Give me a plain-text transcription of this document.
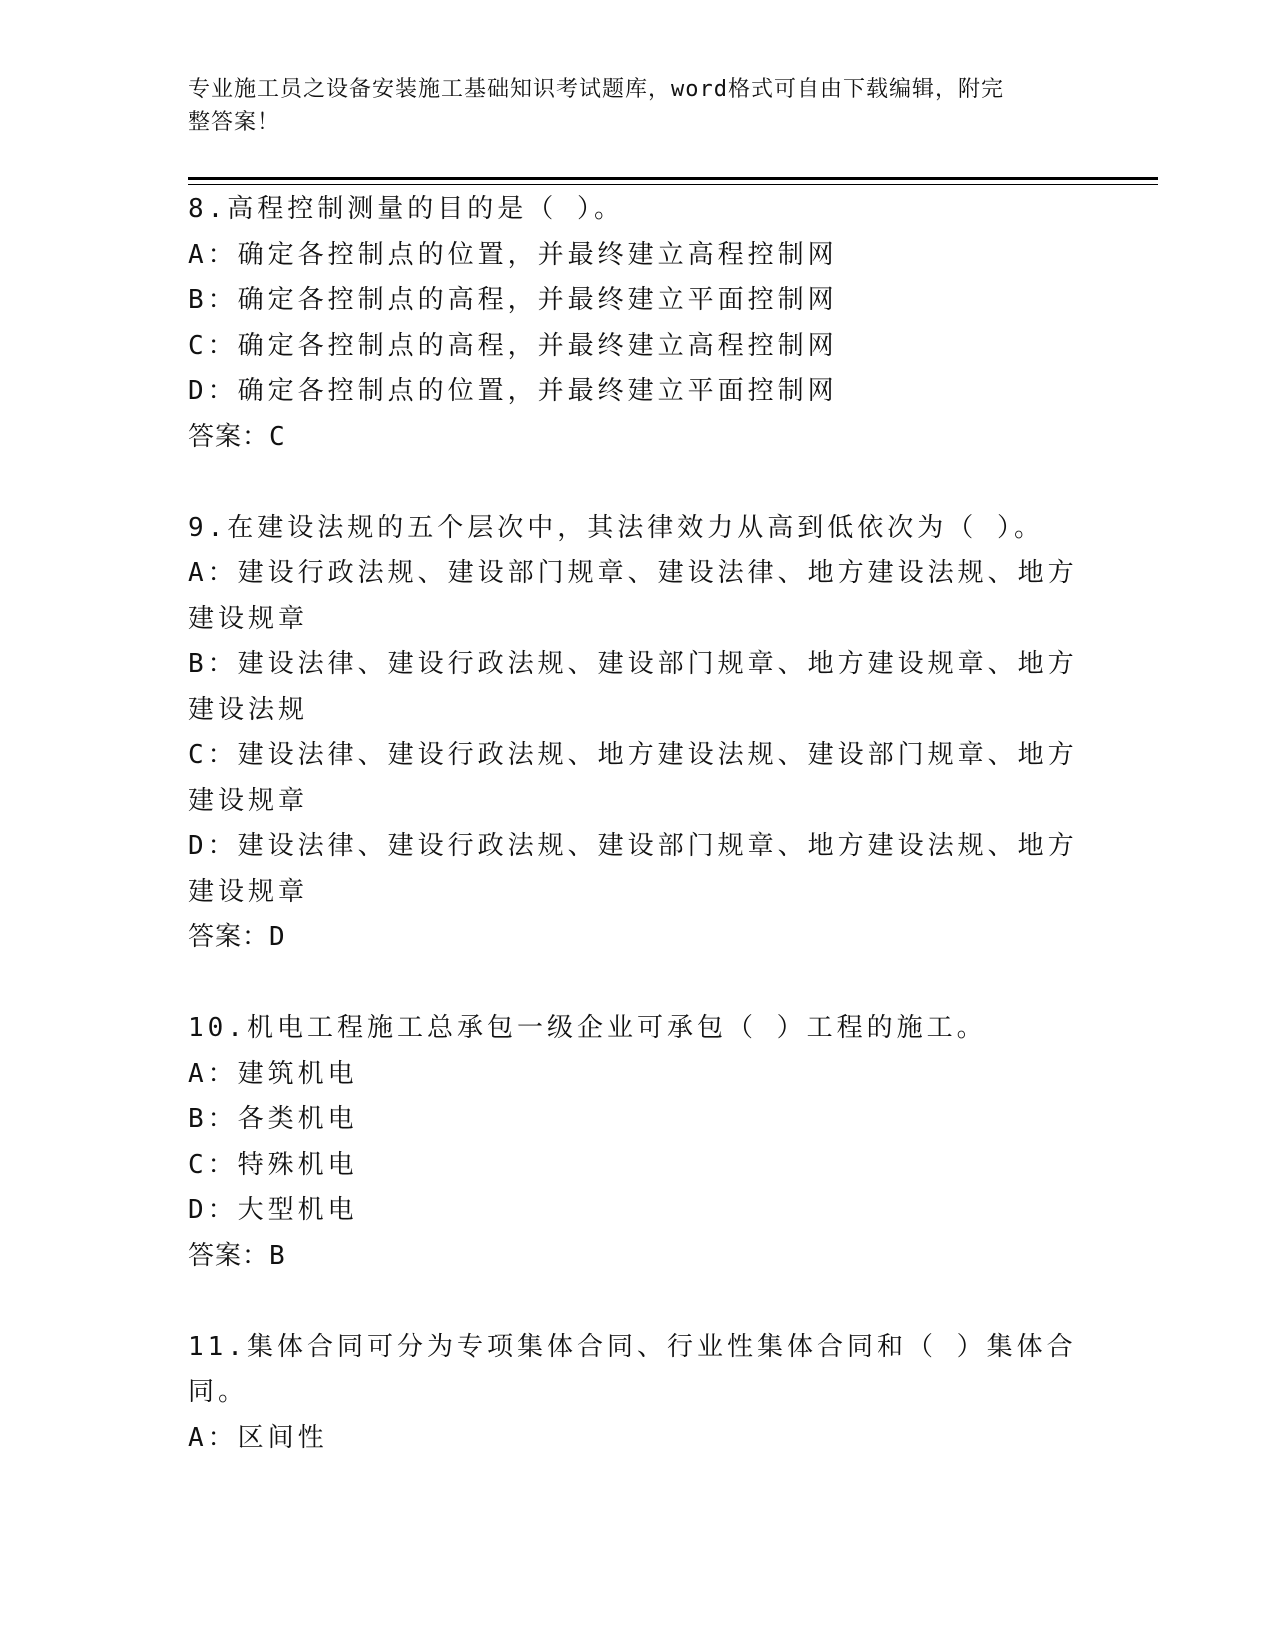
专业施工员之设备安装施工基础知识考试题库，word格式可自由下载编辑，附完
整答案！
8.高程控制测量的目的是（ ）。
A：确定各控制点的位置，并最终建立高程控制网
B：确定各控制点的高程，并最终建立平面控制网
C：确定各控制点的高程，并最终建立高程控制网
D：确定各控制点的位置，并最终建立平面控制网
答案：C
9.在建设法规的五个层次中，其法律效力从高到低依次为（ ）。
A：建设行政法规、建设部门规章、建设法律、地方建设法规、地方建设规章
B：建设法律、建设行政法规、建设部门规章、地方建设规章、地方建设法规
C：建设法律、建设行政法规、地方建设法规、建设部门规章、地方建设规章
D：建设法律、建设行政法规、建设部门规章、地方建设法规、地方建设规章
答案：D
10.机电工程施工总承包一级企业可承包（ ）工程的施工。
A：建筑机电
B：各类机电
C：特殊机电
D：大型机电
答案：B
11.集体合同可分为专项集体合同、行业性集体合同和（ ）集体合同。
A：区间性
